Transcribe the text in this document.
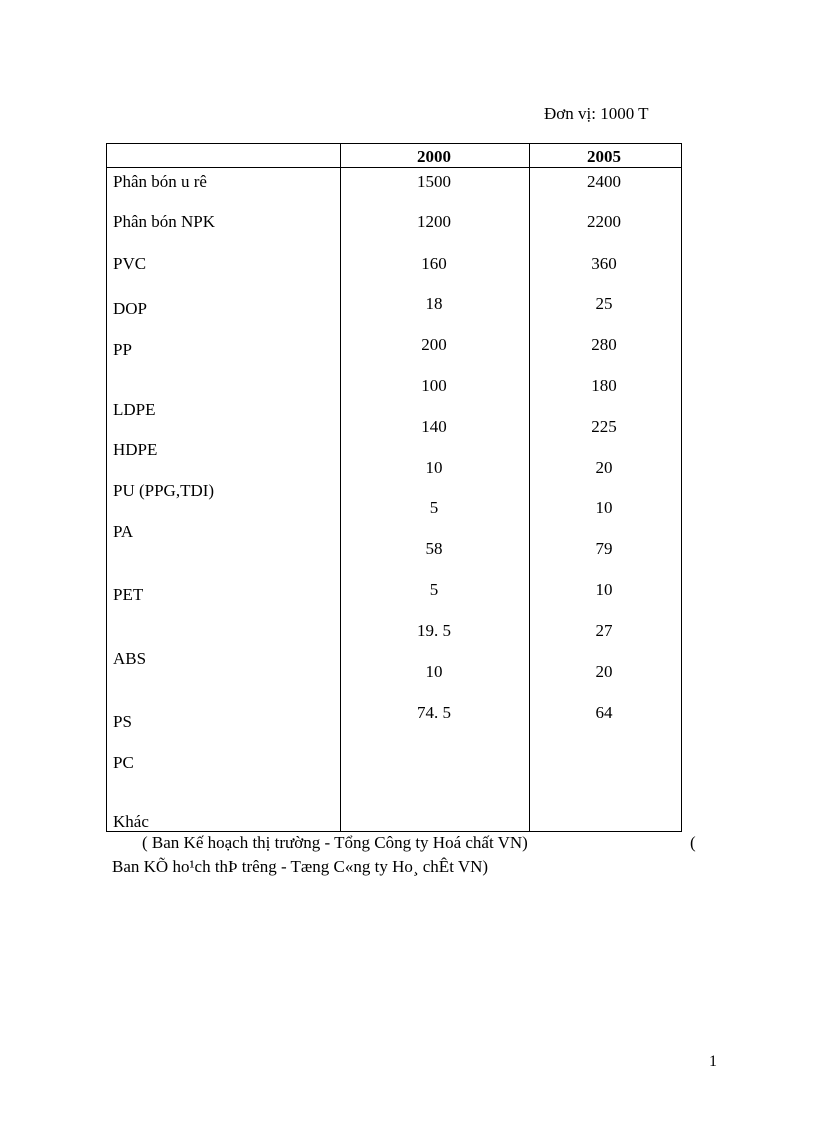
Đơn vị: 1000 T
2000	2005
Phân bón u rê
Phân bón NPK
PVC
DOP
PP
LDPE
HDPE
PU (PPG,TDI)
PA
PET
ABS
PS
PC
Khác
1500
1200
160
18
200
100
140
10
5
58
5
19. 5
10
74. 5
2400
2200
360
25
280
180
225
20
10
79
10
27
20
64
( Ban Kế hoạch thị trường - Tổng Công ty Hoá chất VN)	(
Ban KÕ ho¹ch thÞ trêng - Tæng C«ng ty Ho¸ chÊt VN)
1
